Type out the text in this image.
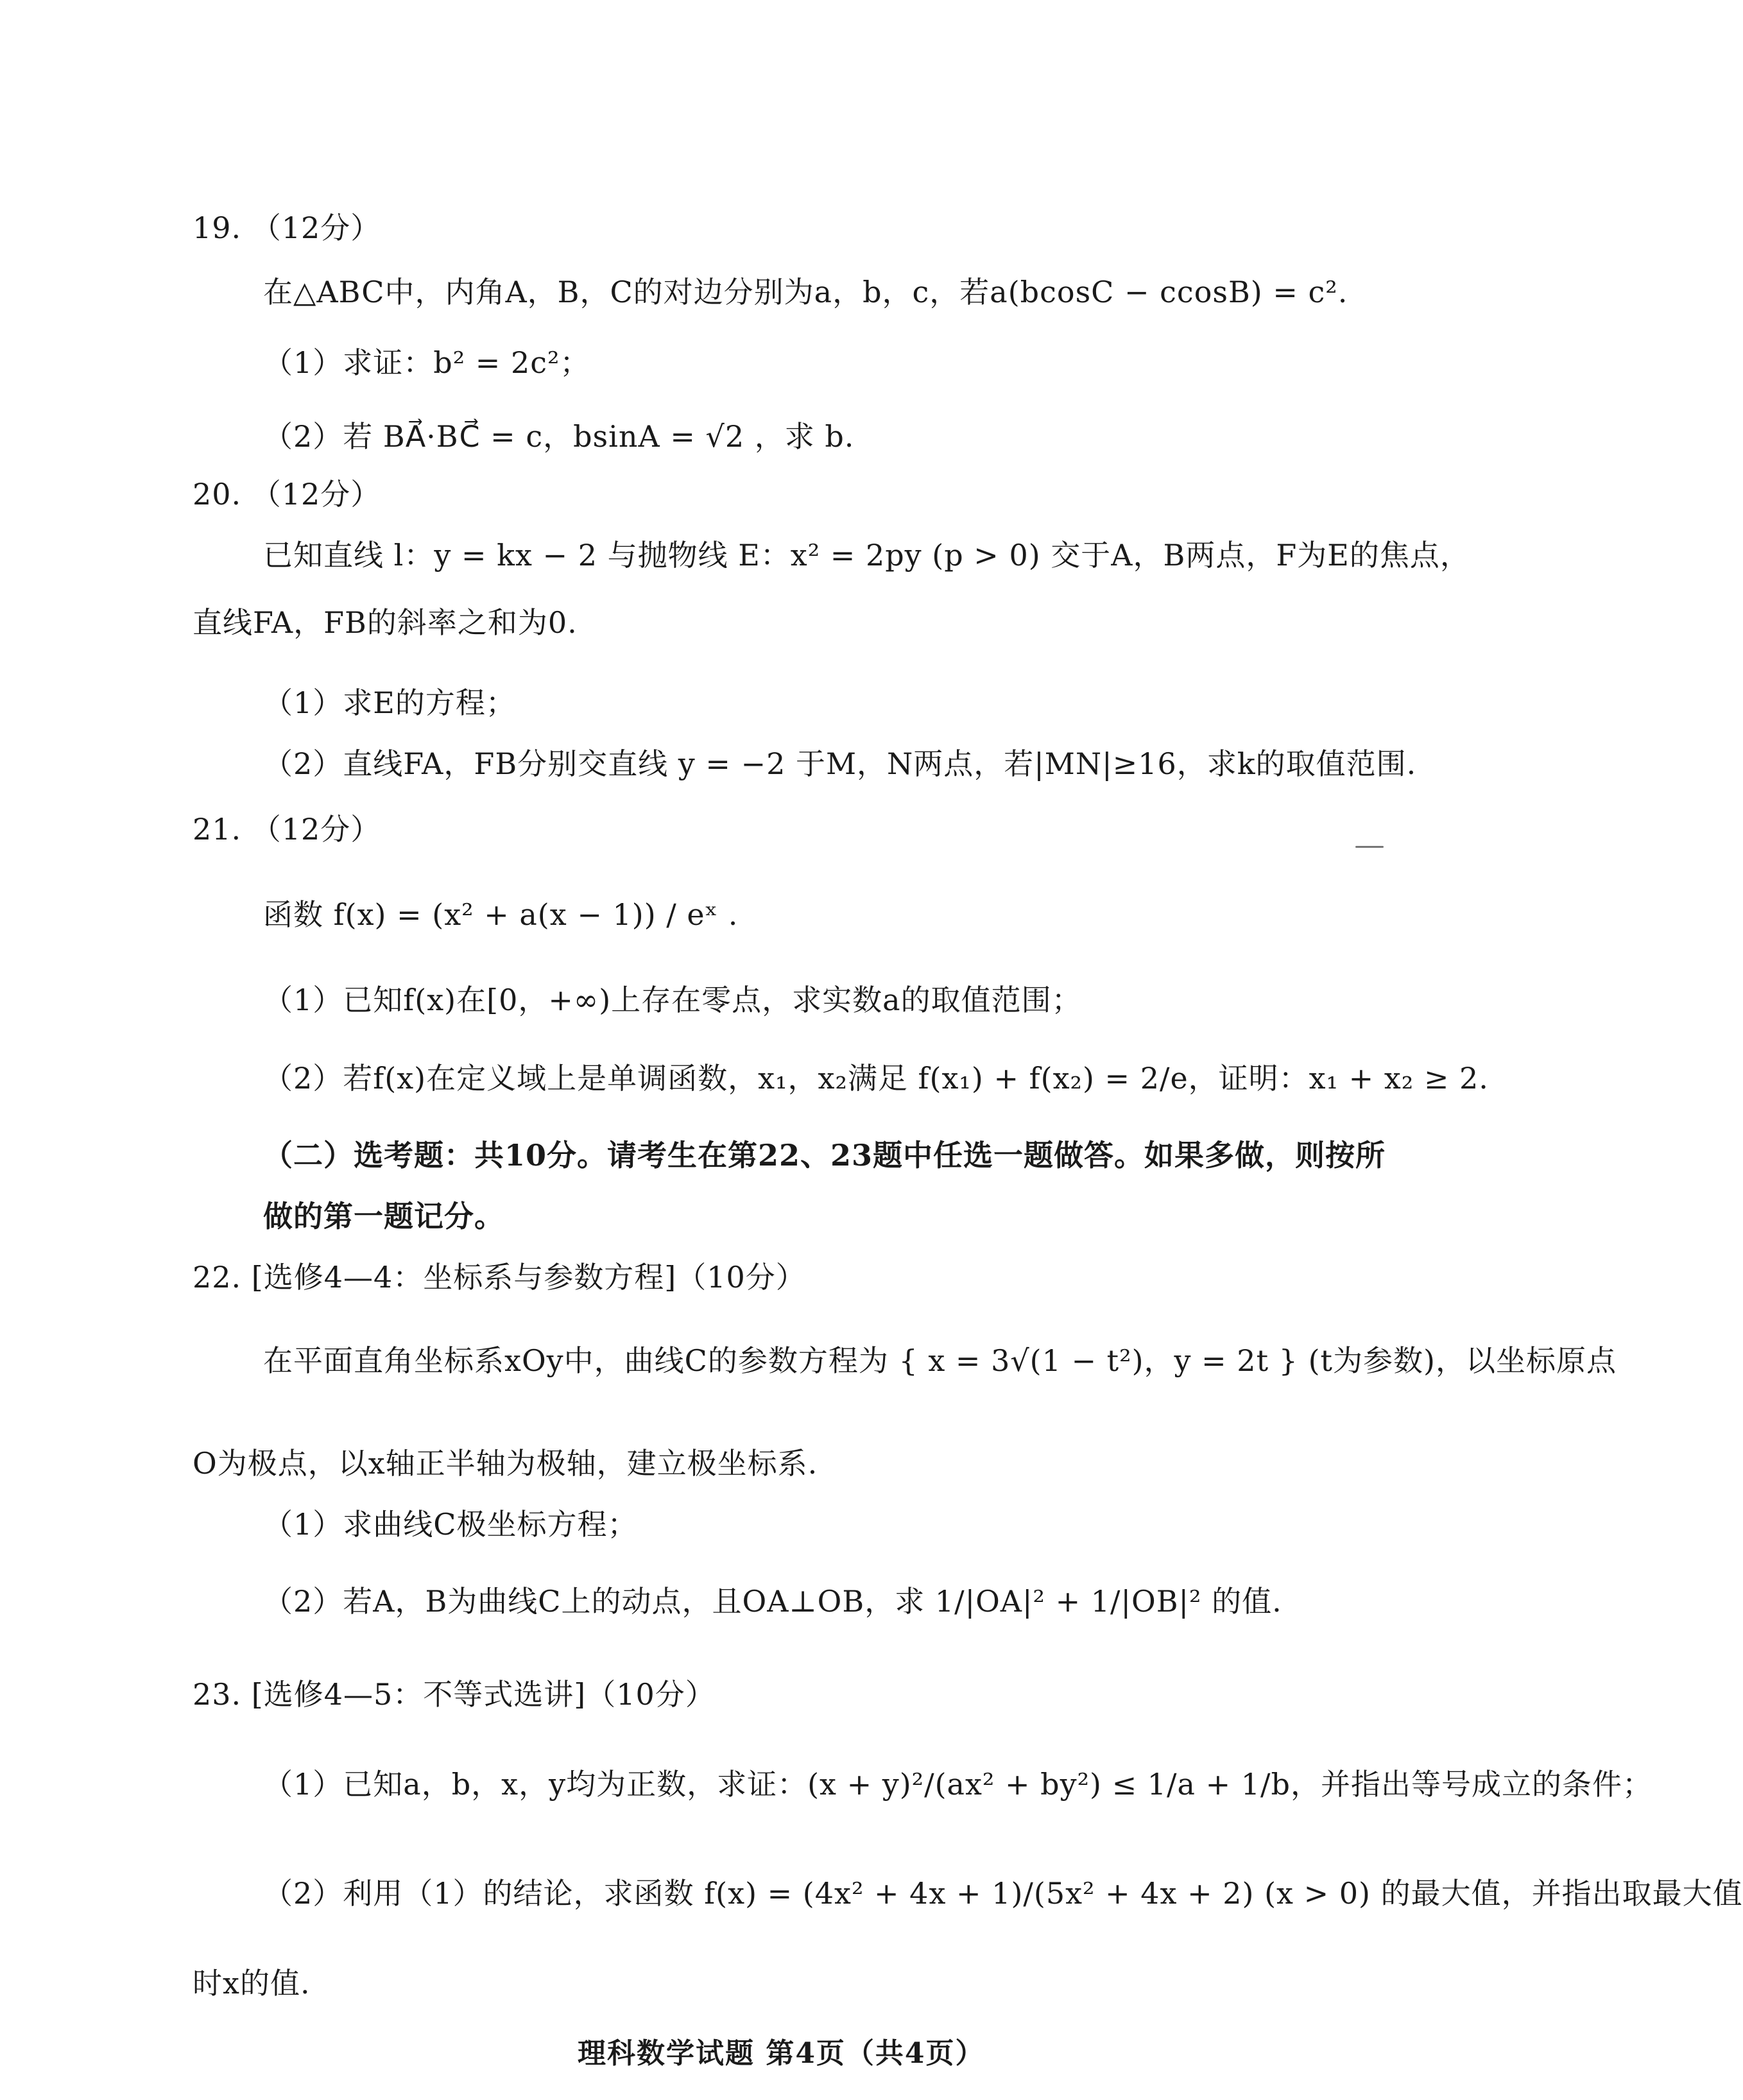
19. （12分）
在△ABC中，内角A，B，C的对边分别为a，b，c，若a(bcosC − ccosB) = c².
（1）求证：b² = 2c²；
（2）若 BA⃗·BC⃗ = c，bsinA = √2 ，求 b.
20. （12分）
已知直线 l：y = kx − 2 与抛物线 E：x² = 2py (p > 0) 交于A，B两点，F为E的焦点，
直线FA，FB的斜率之和为0.
（1）求E的方程；
（2）直线FA，FB分别交直线 y = −2 于M，N两点，若|MN|≥16，求k的取值范围.
21. （12分）
函数 f(x) = (x² + a(x − 1)) / eˣ .
（1）已知f(x)在[0，+∞)上存在零点，求实数a的取值范围；
（2）若f(x)在定义域上是单调函数，x₁，x₂满足 f(x₁) + f(x₂) = 2/e，证明：x₁ + x₂ ≥ 2.
（二）选考题：共10分。请考生在第22、23题中任选一题做答。如果多做，则按所
做的第一题记分。
22. [选修4—4：坐标系与参数方程]（10分）
在平面直角坐标系xOy中，曲线C的参数方程为 { x = 3√(1 − t²)，y = 2t } (t为参数)，以坐标原点
O为极点，以x轴正半轴为极轴，建立极坐标系.
（1）求曲线C极坐标方程；
（2）若A，B为曲线C上的动点，且OA⊥OB，求 1/|OA|² + 1/|OB|² 的值.
23. [选修4—5：不等式选讲]（10分）
（1）已知a，b，x，y均为正数，求证：(x + y)²/(ax² + by²) ≤ 1/a + 1/b，并指出等号成立的条件；
（2）利用（1）的结论，求函数 f(x) = (4x² + 4x + 1)/(5x² + 4x + 2) (x > 0) 的最大值，并指出取最大值
时x的值.
理科数学试题 第4页（共4页）
